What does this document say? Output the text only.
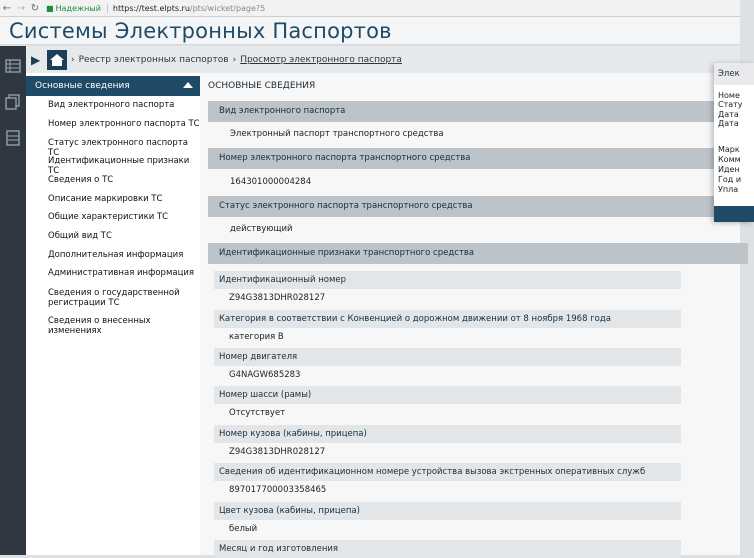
← → ↻ ■ Надежный	https://test.elpts.ru/pts/wicket/page?5
Системы Электронных Паспортов
▶	› Реестр электронных паспортов › Просмотр электронного паспорта
Основные сведения
Вид электронного паспорта
Номер электронного паспорта ТС
Статус электронного паспорта ТС
Идентификационные признаки ТС
Сведения о ТС
Описание маркировки ТС
Общие характеристики ТС
Общий вид ТС
Дополнительная информация
Административная информация
Сведения о государственной регистрации ТС
Сведения о внесенных изменениях
ОСНОВНЫЕ СВЕДЕНИЯ
Вид электронного паспорта
Электронный паспорт транспортного средства
Номер электронного паспорта транспортного средства
164301000004284
Статус электронного паспорта транспортного средства
действующий
Идентификационные признаки транспортного средства
Идентификационный номер
Z94G3813DHR028127
Категория в соответствии с Конвенцией о дорожном движении от 8 ноября 1968 года
категория B
Номер двигателя
G4NAGW685283
Номер шасси (рамы)
Отсутствует
Номер кузова (кабины, прицепа)
Z94G3813DHR028127
Сведения об идентификационном номере устройства вызова экстренных оперативных служб
897017700003358465
Цвет кузова (кабины, прицепа)
белый
Месяц и год изготовления
Элек
Номе
Стату
Дата
Дата
Марк
Комм
Иден
Год и
Упла
